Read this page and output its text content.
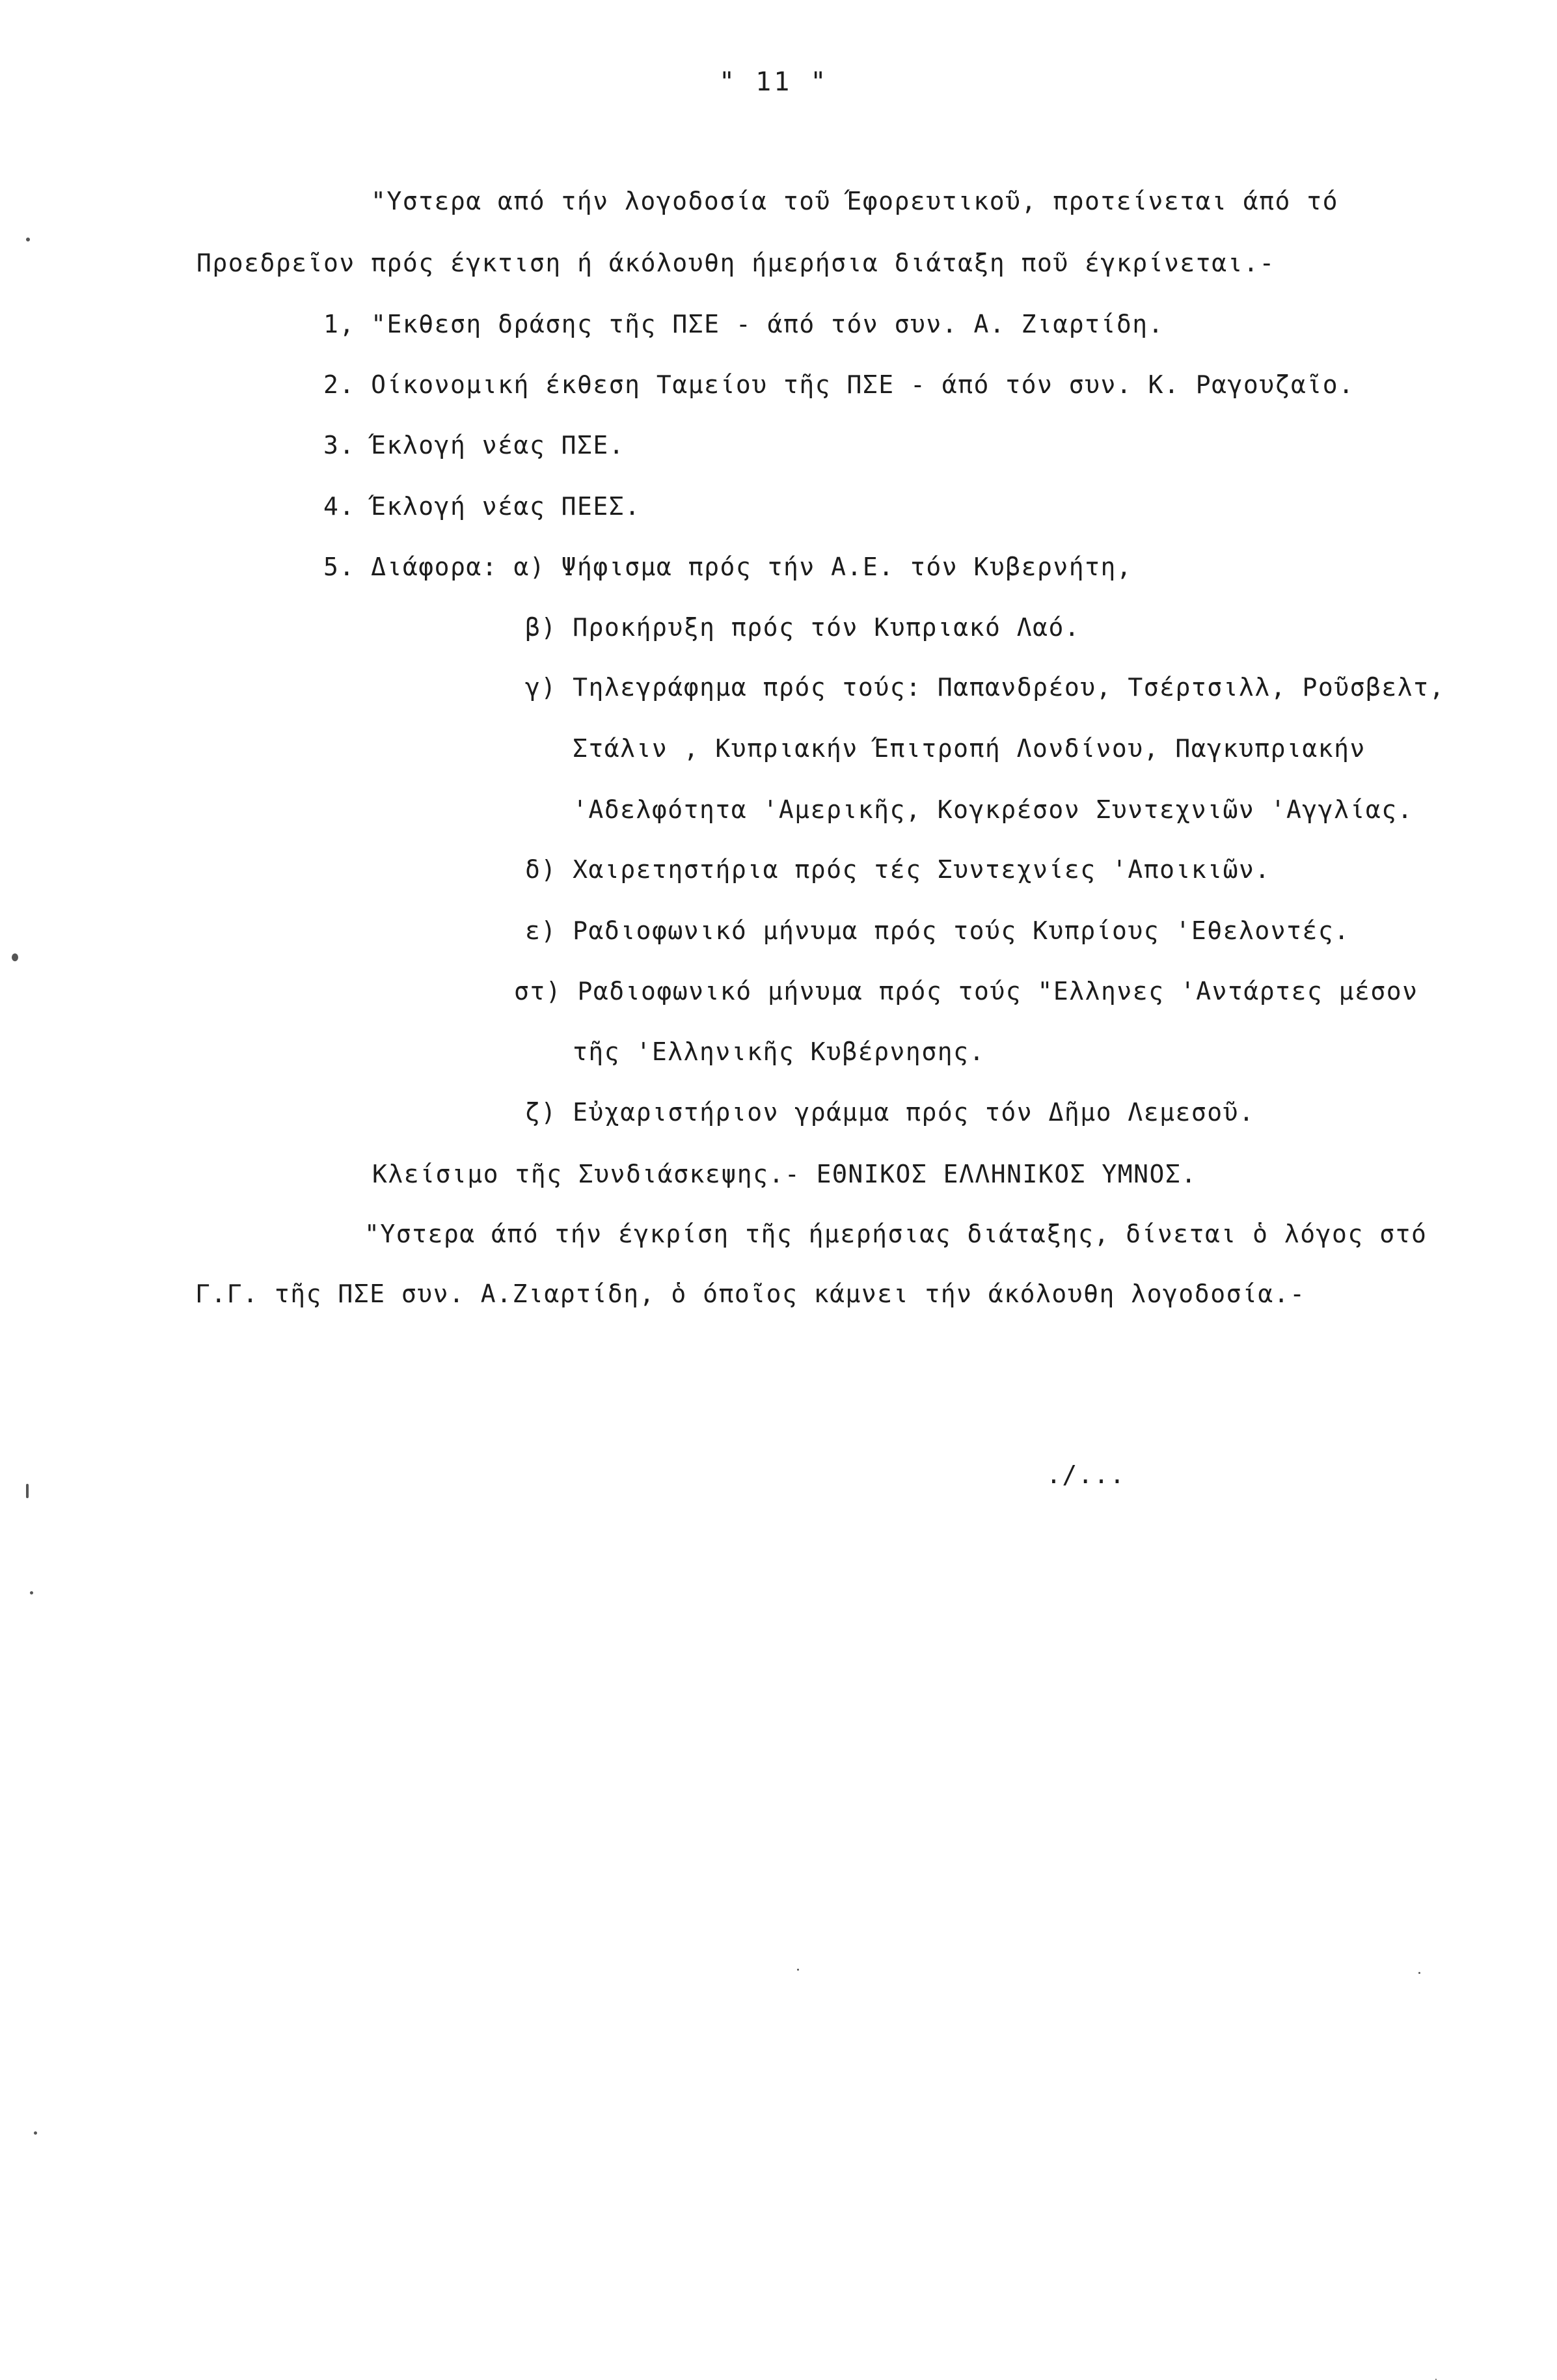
" 11 "
"Υστερα από τήν λογοδοσία τοῦ Έφορευτικοῦ, προτείνεται άπό τό
Προεδρεῖον πρός έγκτιση ή άκόλουθη ήμερήσια διάταξη ποῦ έγκρίνεται.-
1, "Εκθεση δράσης τῆς ΠΣΕ - άπό τόν συν. Α. Ζιαρτίδη.
2. Οίκονομική έκθεση Ταμείου τῆς ΠΣΕ - άπό τόν συν. Κ. Ραγουζαῖο.
3. Έκλογή νέας ΠΣΕ.
4. Έκλογή νέας ΠΕΕΣ.
5. Διάφορα: α) Ψήφισμα πρός τήν Α.Ε. τόν Κυβερνήτη,
β) Προκήρυξη πρός τόν Κυπριακό Λαό.
γ) Τηλεγράφημα πρός τούς: Παπανδρέου, Τσέρτσιλλ, Ροῦσβελτ,
Στάλιν , Κυπριακήν Έπιτροπή Λονδίνου, Παγκυπριακήν
'Αδελφότητα 'Αμερικῆς, Κογκρέσον Συντεχνιῶν 'Αγγλίας.
δ) Χαιρετηστήρια πρός τές Συντεχνίες 'Αποικιῶν.
ε) Ραδιοφωνικό μήνυμα πρός τούς Κυπρίους 'Εθελοντές.
στ) Ραδιοφωνικό μήνυμα πρός τούς "Ελληνες 'Αντάρτες μέσον
τῆς 'Ελληνικῆς Κυβέρνησης.
ζ) Εὐχαριστήριον γράμμα πρός τόν Δῆμο Λεμεσοῦ.
Κλείσιμο τῆς Συνδιάσκεψης.- ΕΘΝΙΚΟΣ ΕΛΛΗΝΙΚΟΣ ΥΜΝΟΣ.
"Υστερα άπό τήν έγκρίση τῆς ήμερήσιας διάταξης, δίνεται ὁ λόγος στό
Γ.Γ. τῆς ΠΣΕ συν. Α.Ζιαρτίδη, ὁ όποῖος κάμνει τήν άκόλουθη λογοδοσία.-
./...
